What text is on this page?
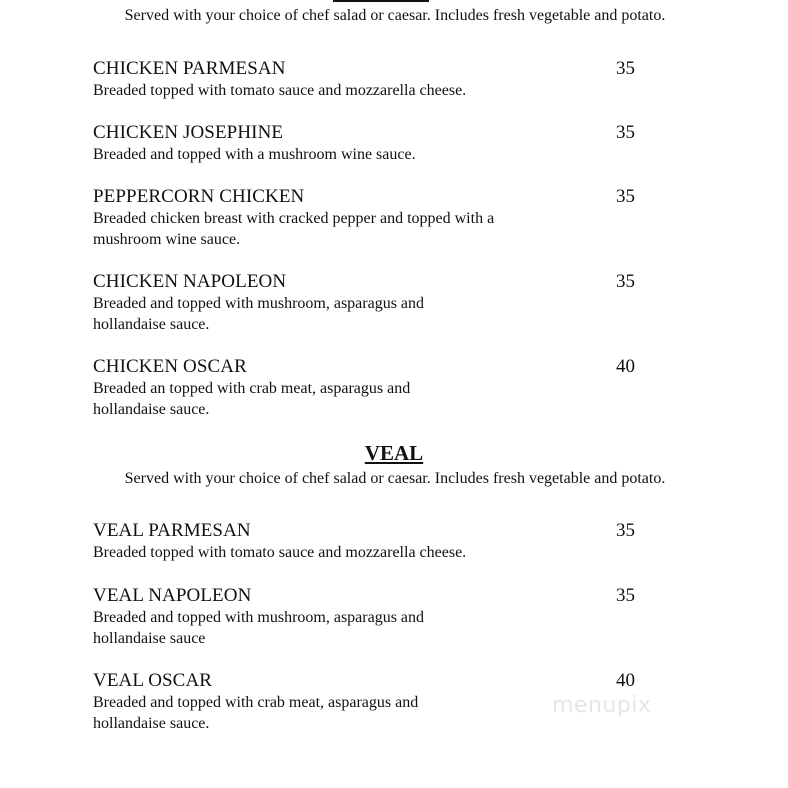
Served with your choice of chef salad or caesar. Includes fresh vegetable and potato.
CHICKEN PARMESAN	35
Breaded topped with tomato sauce and mozzarella cheese.
CHICKEN JOSEPHINE	35
Breaded and topped with a mushroom wine sauce.
PEPPERCORN CHICKEN	35
Breaded chicken breast with cracked pepper and topped with a mushroom wine sauce.
CHICKEN NAPOLEON	35
Breaded and topped with mushroom, asparagus and hollandaise sauce.
CHICKEN OSCAR	40
Breaded an topped with crab meat, asparagus and hollandaise sauce.
VEAL
Served with your choice of chef salad or caesar. Includes fresh vegetable and potato.
VEAL PARMESAN	35
Breaded topped with tomato sauce and mozzarella cheese.
VEAL NAPOLEON	35
Breaded and topped with mushroom, asparagus and hollandaise sauce
VEAL OSCAR	40
Breaded and topped with crab meat, asparagus and hollandaise sauce.
menupix
